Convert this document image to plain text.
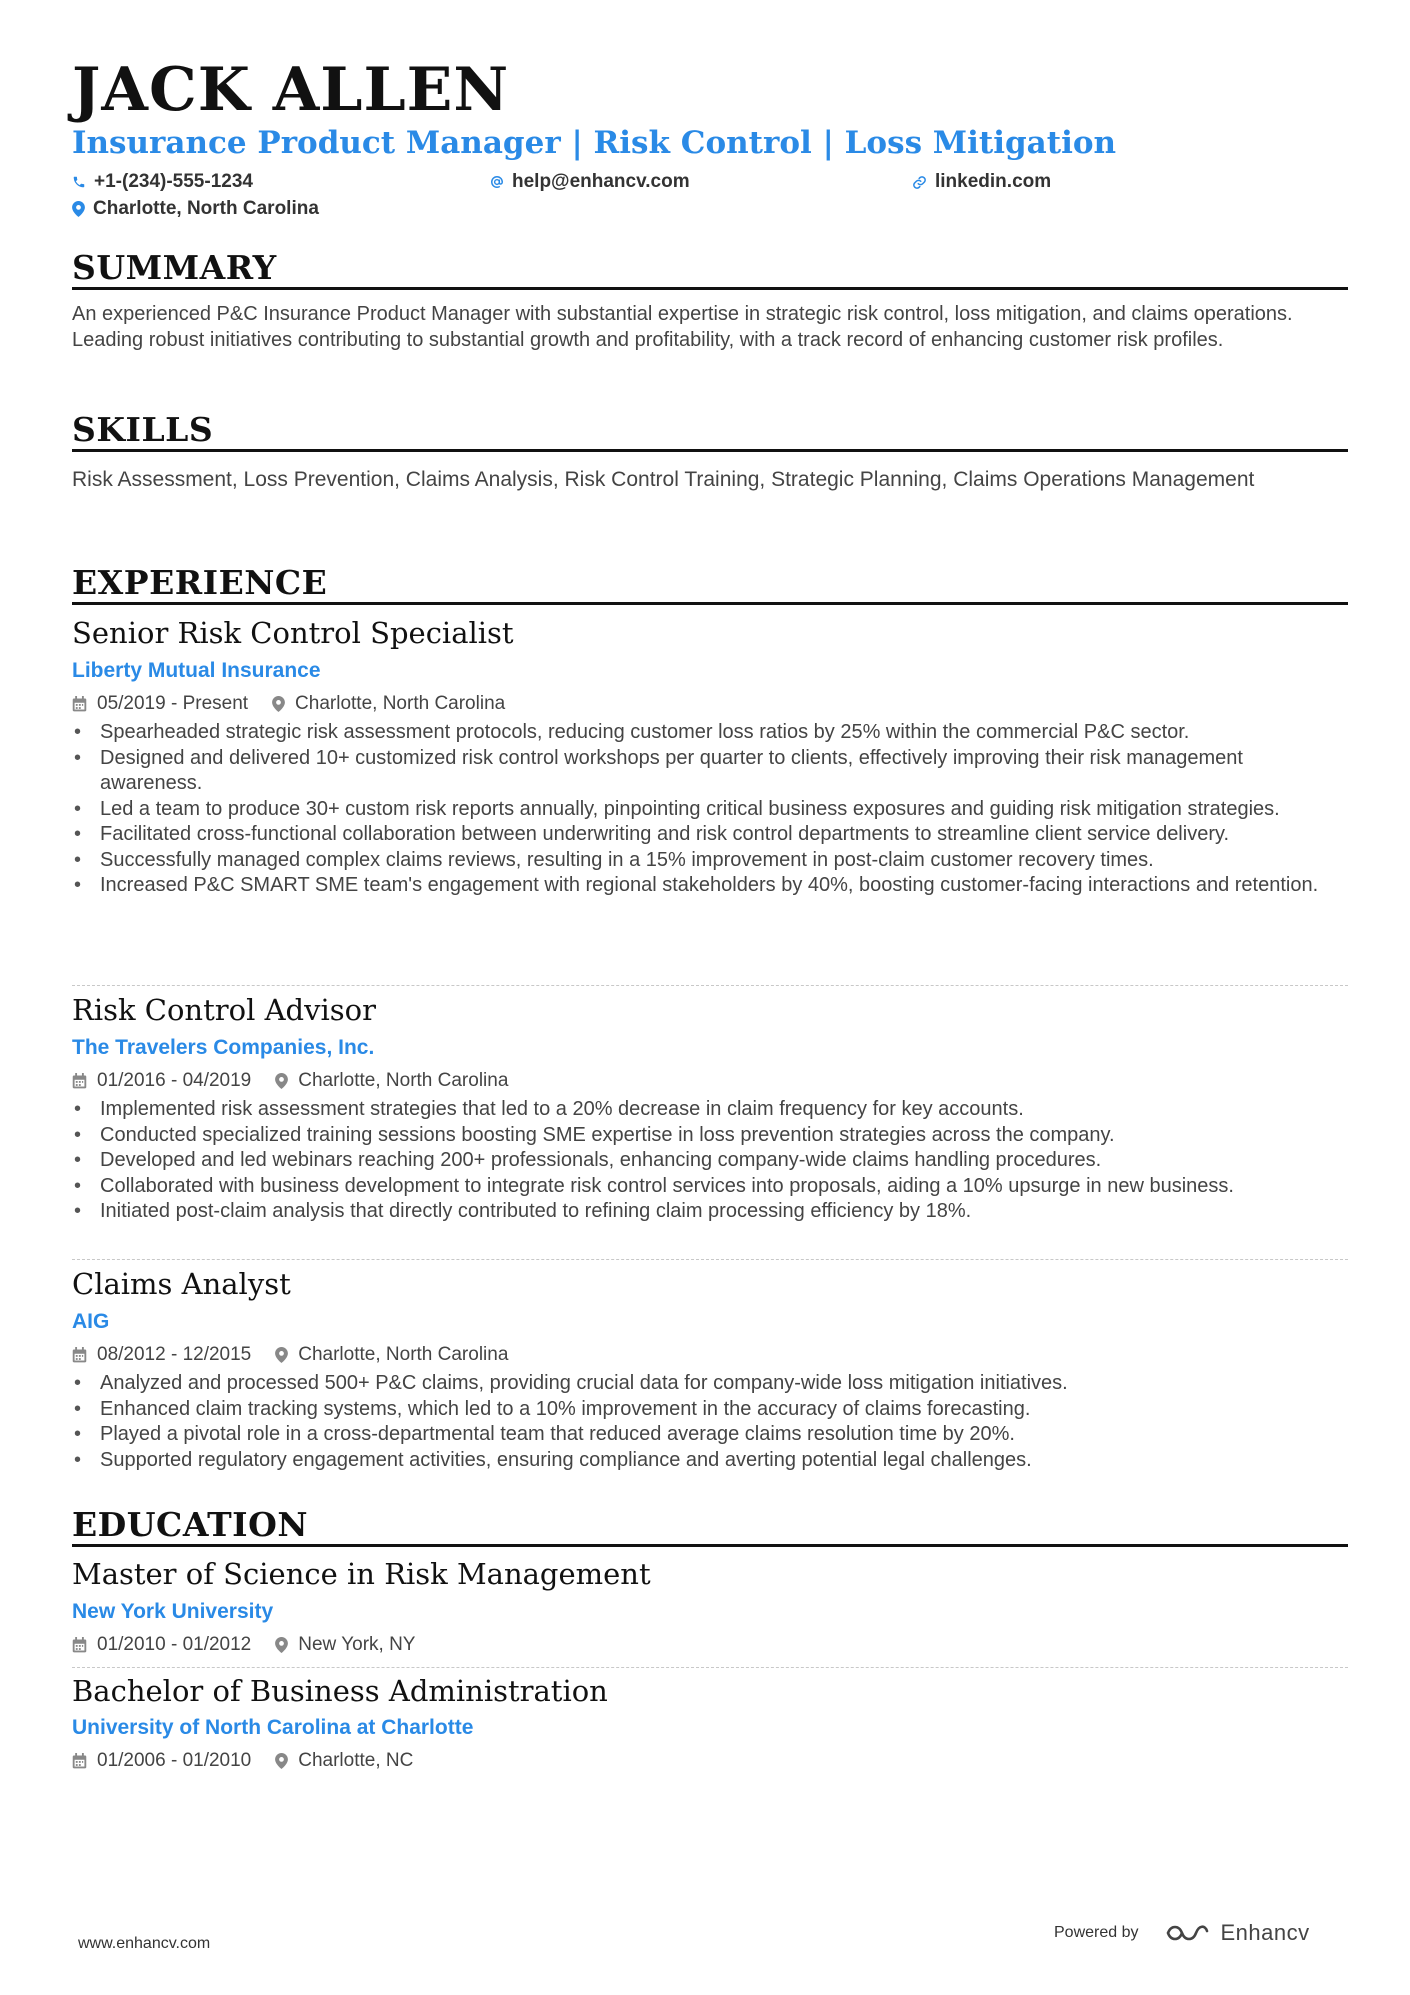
JACK ALLEN
Insurance Product Manager | Risk Control | Loss Mitigation
+1-(234)-555-1234	help@enhancv.com	linkedin.com
Charlotte, North Carolina
SUMMARY
An experienced P&C Insurance Product Manager with substantial expertise in strategic risk control, loss mitigation, and claims operations. Leading robust initiatives contributing to substantial growth and profitability, with a track record of enhancing customer risk profiles.
SKILLS
Risk Assessment, Loss Prevention, Claims Analysis, Risk Control Training, Strategic Planning, Claims Operations Management
EXPERIENCE
Senior Risk Control Specialist
Liberty Mutual Insurance
05/2019 - Present Charlotte, North Carolina
• Spearheaded strategic risk assessment protocols, reducing customer loss ratios by 25% within the commercial P&C sector.
• Designed and delivered 10+ customized risk control workshops per quarter to clients, effectively improving their risk management awareness.
• Led a team to produce 30+ custom risk reports annually, pinpointing critical business exposures and guiding risk mitigation strategies.
• Facilitated cross-functional collaboration between underwriting and risk control departments to streamline client service delivery.
• Successfully managed complex claims reviews, resulting in a 15% improvement in post-claim customer recovery times.
• Increased P&C SMART SME team's engagement with regional stakeholders by 40%, boosting customer-facing interactions and retention.
Risk Control Advisor
The Travelers Companies, Inc.
01/2016 - 04/2019 Charlotte, North Carolina
• Implemented risk assessment strategies that led to a 20% decrease in claim frequency for key accounts.
• Conducted specialized training sessions boosting SME expertise in loss prevention strategies across the company.
• Developed and led webinars reaching 200+ professionals, enhancing company-wide claims handling procedures.
• Collaborated with business development to integrate risk control services into proposals, aiding a 10% upsurge in new business.
• Initiated post-claim analysis that directly contributed to refining claim processing efficiency by 18%.
Claims Analyst
AIG
08/2012 - 12/2015 Charlotte, North Carolina
• Analyzed and processed 500+ P&C claims, providing crucial data for company-wide loss mitigation initiatives.
• Enhanced claim tracking systems, which led to a 10% improvement in the accuracy of claims forecasting.
• Played a pivotal role in a cross-departmental team that reduced average claims resolution time by 20%.
• Supported regulatory engagement activities, ensuring compliance and averting potential legal challenges.
EDUCATION
Master of Science in Risk Management
New York University
01/2010 - 01/2012 New York, NY
Bachelor of Business Administration
University of North Carolina at Charlotte
01/2006 - 01/2010 Charlotte, NC
www.enhancv.com
Powered by	Enhancv
